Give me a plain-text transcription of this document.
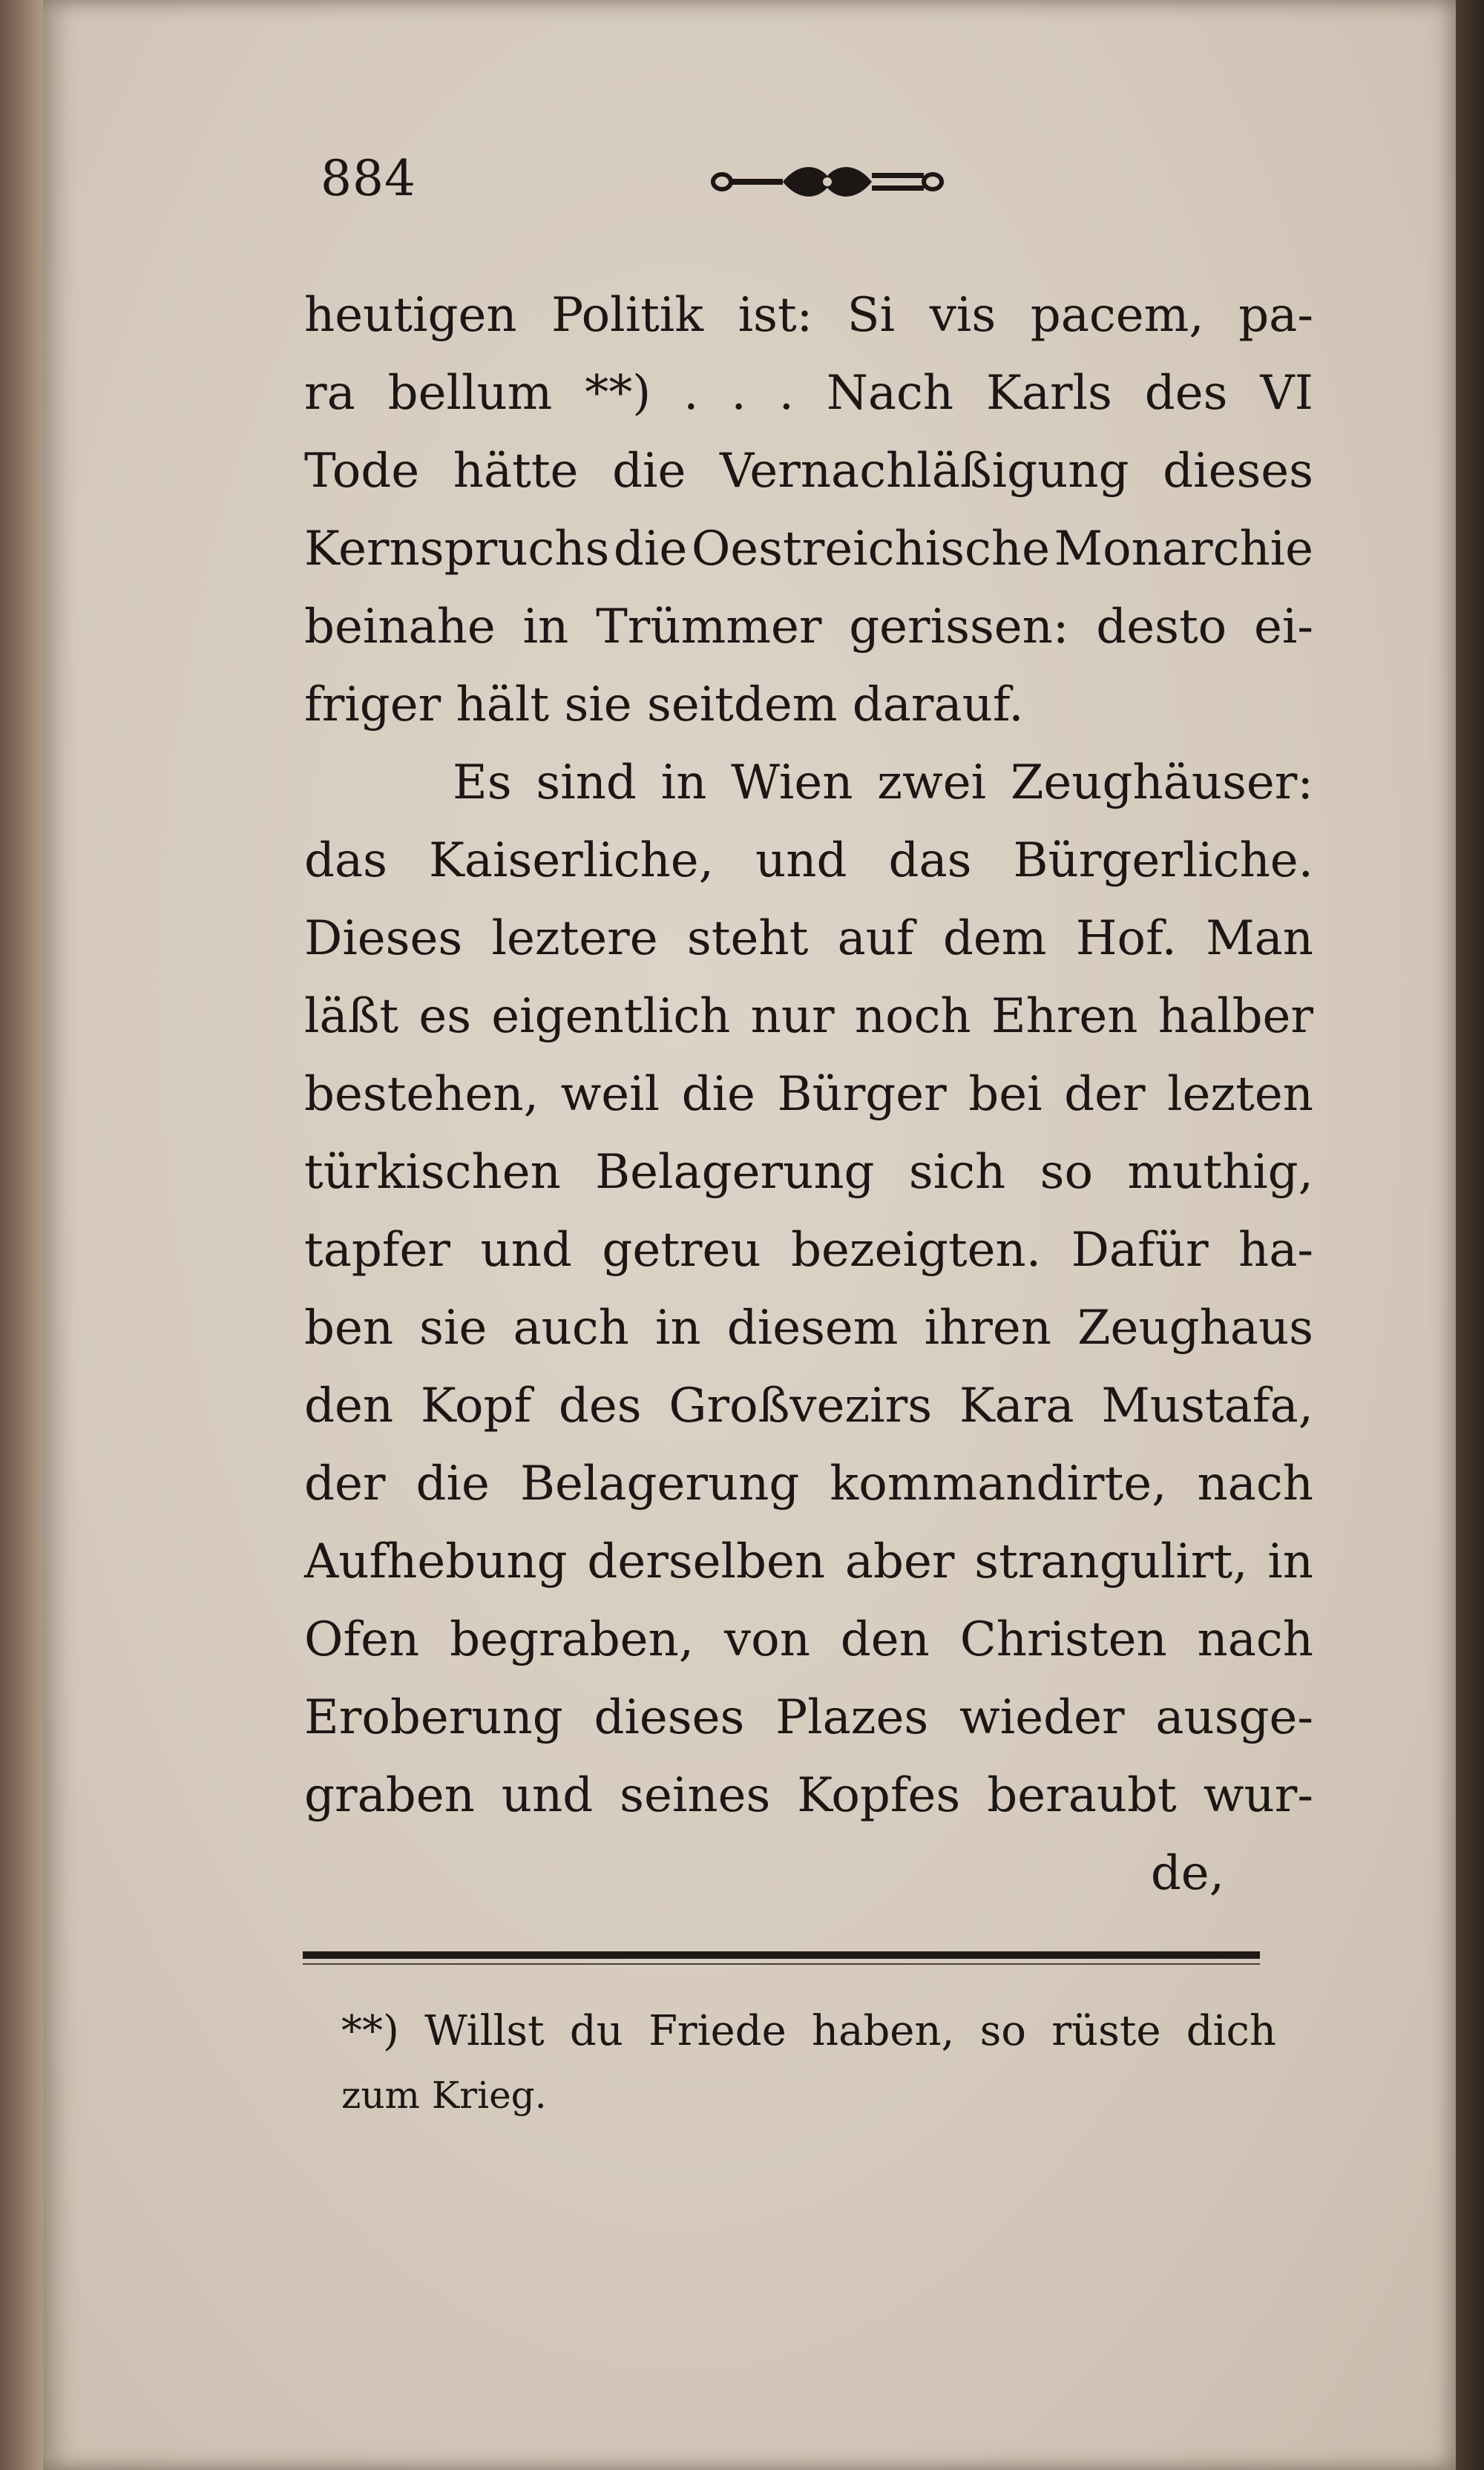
884
heutigen Politik ist: Si vis pacem, pa-
ra bellum **) . . . Nach Karls des VI
Tode hätte die Vernachläßigung dieses
Kernspruchs die Oestreichische Monarchie
beinahe in Trümmer gerissen: desto ei-
friger hält sie seitdem darauf.
Es sind in Wien zwei Zeughäuser:
das Kaiserliche, und das Bürgerliche.
Dieses leztere steht auf dem Hof. Man
läßt es eigentlich nur noch Ehren halber
bestehen, weil die Bürger bei der lezten
türkischen Belagerung sich so muthig,
tapfer und getreu bezeigten. Dafür ha-
ben sie auch in diesem ihren Zeughaus
den Kopf des Großvezirs Kara Mustafa,
der die Belagerung kommandirte, nach
Aufhebung derselben aber strangulirt, in
Ofen begraben, von den Christen nach
Eroberung dieses Plazes wieder ausge-
graben und seines Kopfes beraubt wur-
de,
**) Willst du Friede haben, so rüste dich
zum Krieg.
